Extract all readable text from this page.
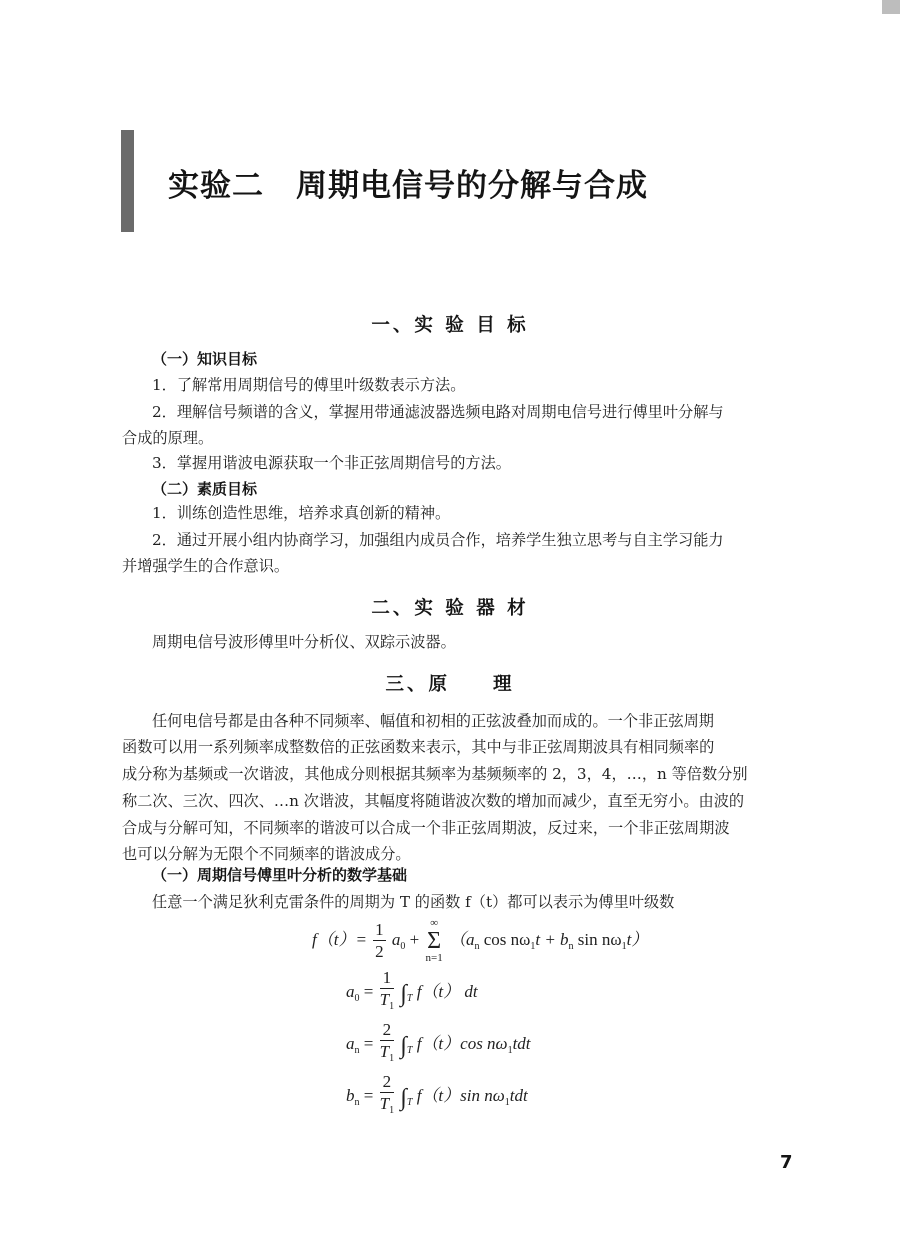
实验二　周期电信号的分解与合成
一、实 验 目 标
（一）知识目标
1．了解常用周期信号的傅里叶级数表示方法。
2．理解信号频谱的含义，掌握用带通滤波器选频电路对周期电信号进行傅里叶分解与
合成的原理。
3．掌握用谐波电源获取一个非正弦周期信号的方法。
（二）素质目标
1．训练创造性思维，培养求真创新的精神。
2．通过开展小组内协商学习，加强组内成员合作，培养学生独立思考与自主学习能力
并增强学生的合作意识。
二、实 验 器 材
周期电信号波形傅里叶分析仪、双踪示波器。
三、原　　理
任何电信号都是由各种不同频率、幅值和初相的正弦波叠加而成的。一个非正弦周期
函数可以用一系列频率成整数倍的正弦函数来表示，其中与非正弦周期波具有相同频率的
成分称为基频或一次谐波，其他成分则根据其频率为基频频率的 2，3，4，…，n 等倍数分别
称二次、三次、四次、…n 次谐波，其幅度将随谐波次数的增加而减少，直至无穷小。由波的
合成与分解可知，不同频率的谐波可以合成一个非正弦周期波，反过来，一个非正弦周期波
也可以分解为无限个不同频率的谐波成分。
（一）周期信号傅里叶分析的数学基础
任意一个满足狄利克雷条件的周期为 T 的函数 f（t）都可以表示为傅里叶级数
$f(t)= \frac{1}{2} a_0$ + ∞
Σ
n=1 （$a_n$ $\cos n\omega_1t + b_n$ $\sin n\omega_1t$）
$a_0 = \frac{1}{T_1} \int_T$ f（t） dt
$a_n = \frac{2}{T_1} \int_T$ f（t）cos $n\omega_1tdt$
$b_n = \frac{2}{T_1} \int_T$ f（t）sin $n\omega_1tdt$
7
